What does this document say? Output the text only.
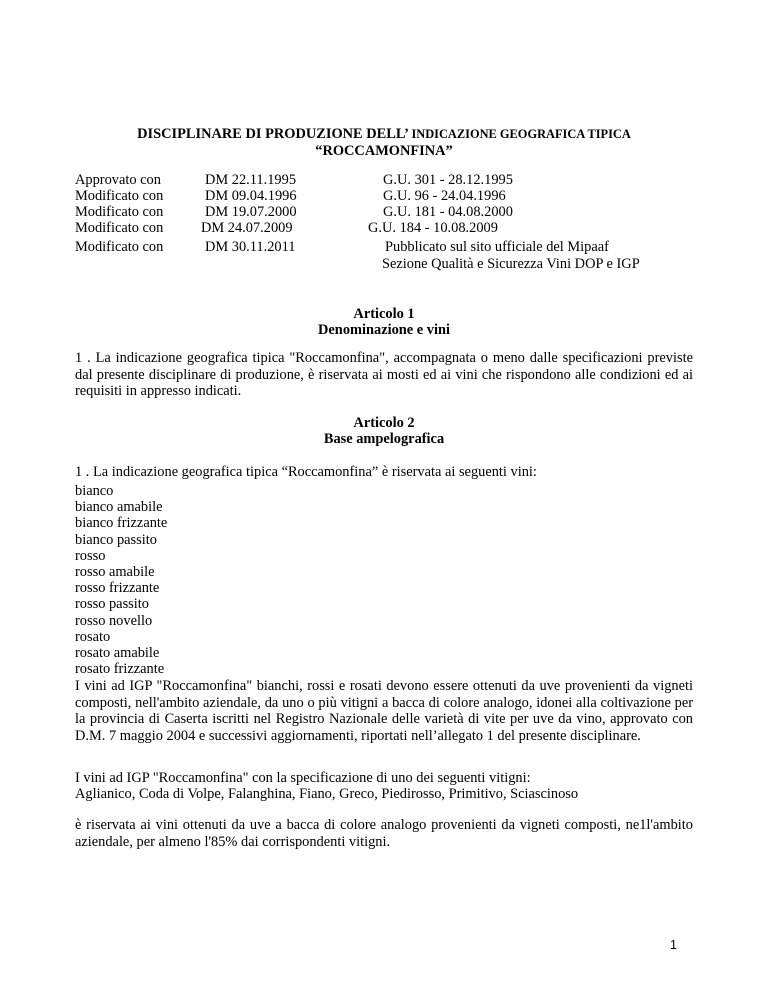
DISCIPLINARE DI PRODUZIONE DELL’ INDICAZIONE GEOGRAFICA TIPICA
“ROCCAMONFINA”
Approvato con	DM 22.11.1995	G.U. 301 - 28.12.1995
Modificato con	DM 09.04.1996	G.U. 96 - 24.04.1996
Modificato con	DM 19.07.2000	G.U. 181 - 04.08.2000
Modificato con	DM 24.07.2009	G.U. 184 - 10.08.2009
Modificato con	DM 30.11.2011	Pubblicato sul sito ufficiale del Mipaaf
Sezione Qualità e Sicurezza Vini DOP e IGP
Articolo 1
Denominazione e vini
1 . La indicazione geografica tipica "Roccamonfina", accompagnata o meno dalle specificazioni previste dal presente disciplinare di produzione, è riservata ai mosti ed ai vini che rispondono alle condizioni ed ai requisiti in appresso indicati.
Articolo 2
Base ampelografica
1 . La indicazione geografica tipica “Roccamonfina” è riservata ai seguenti vini:
bianco
bianco amabile
bianco frizzante
bianco passito
rosso
rosso amabile
rosso frizzante
rosso passito
rosso novello
rosato
rosato amabile
rosato frizzante
I vini ad IGP "Roccamonfina" bianchi, rossi e rosati devono essere ottenuti da uve provenienti da vigneti composti, nell'ambito aziendale, da uno o più vitigni a bacca di colore analogo, idonei alla coltivazione per la provincia di Caserta iscritti nel Registro Nazionale delle varietà di vite per uve da vino, approvato con D.M. 7 maggio 2004 e successivi aggiornamenti, riportati nell’allegato 1 del presente disciplinare.
I vini ad IGP "Roccamonfina" con la specificazione di uno dei seguenti vitigni:
Aglianico, Coda di Volpe, Falanghina, Fiano, Greco, Piedirosso, Primitivo, Sciascinoso
è riservata ai vini ottenuti da uve a bacca di colore analogo provenienti da vigneti composti, ne1l'ambito aziendale, per almeno l'85% dai corrispondenti vitigni.
1
